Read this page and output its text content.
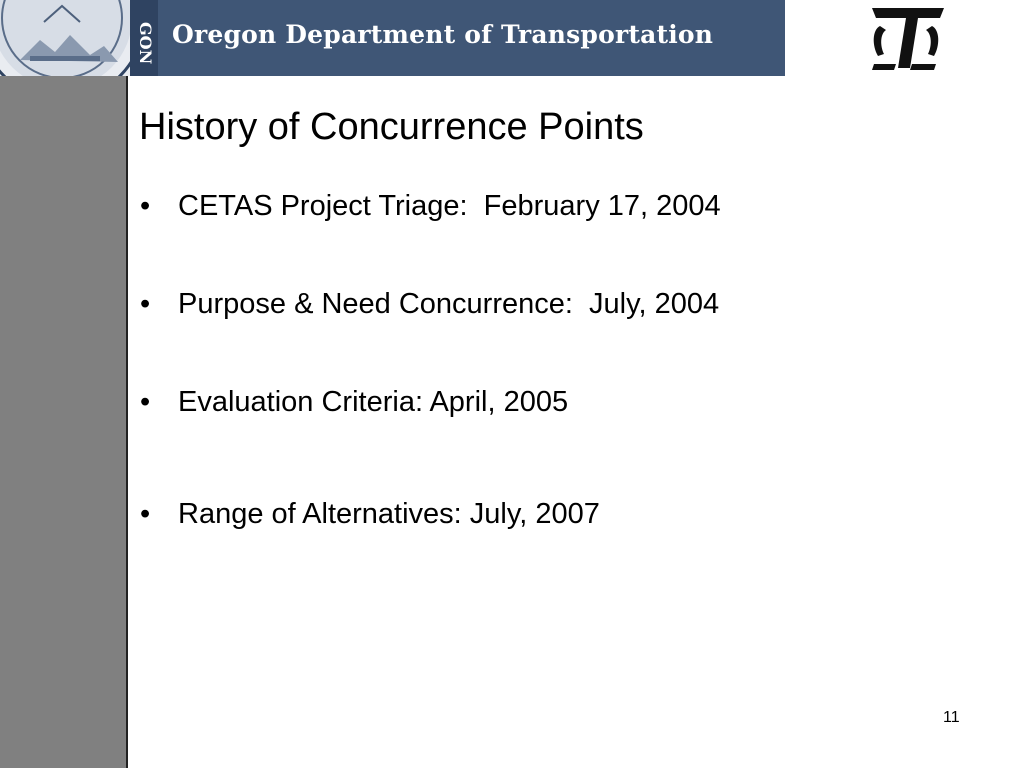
GON Oregon Department of Transportation
History of Concurrence Points
• CETAS Project Triage:  February 17, 2004
• Purpose & Need Concurrence:  July, 2004
• Evaluation Criteria: April, 2005
• Range of Alternatives: July, 2007
11
